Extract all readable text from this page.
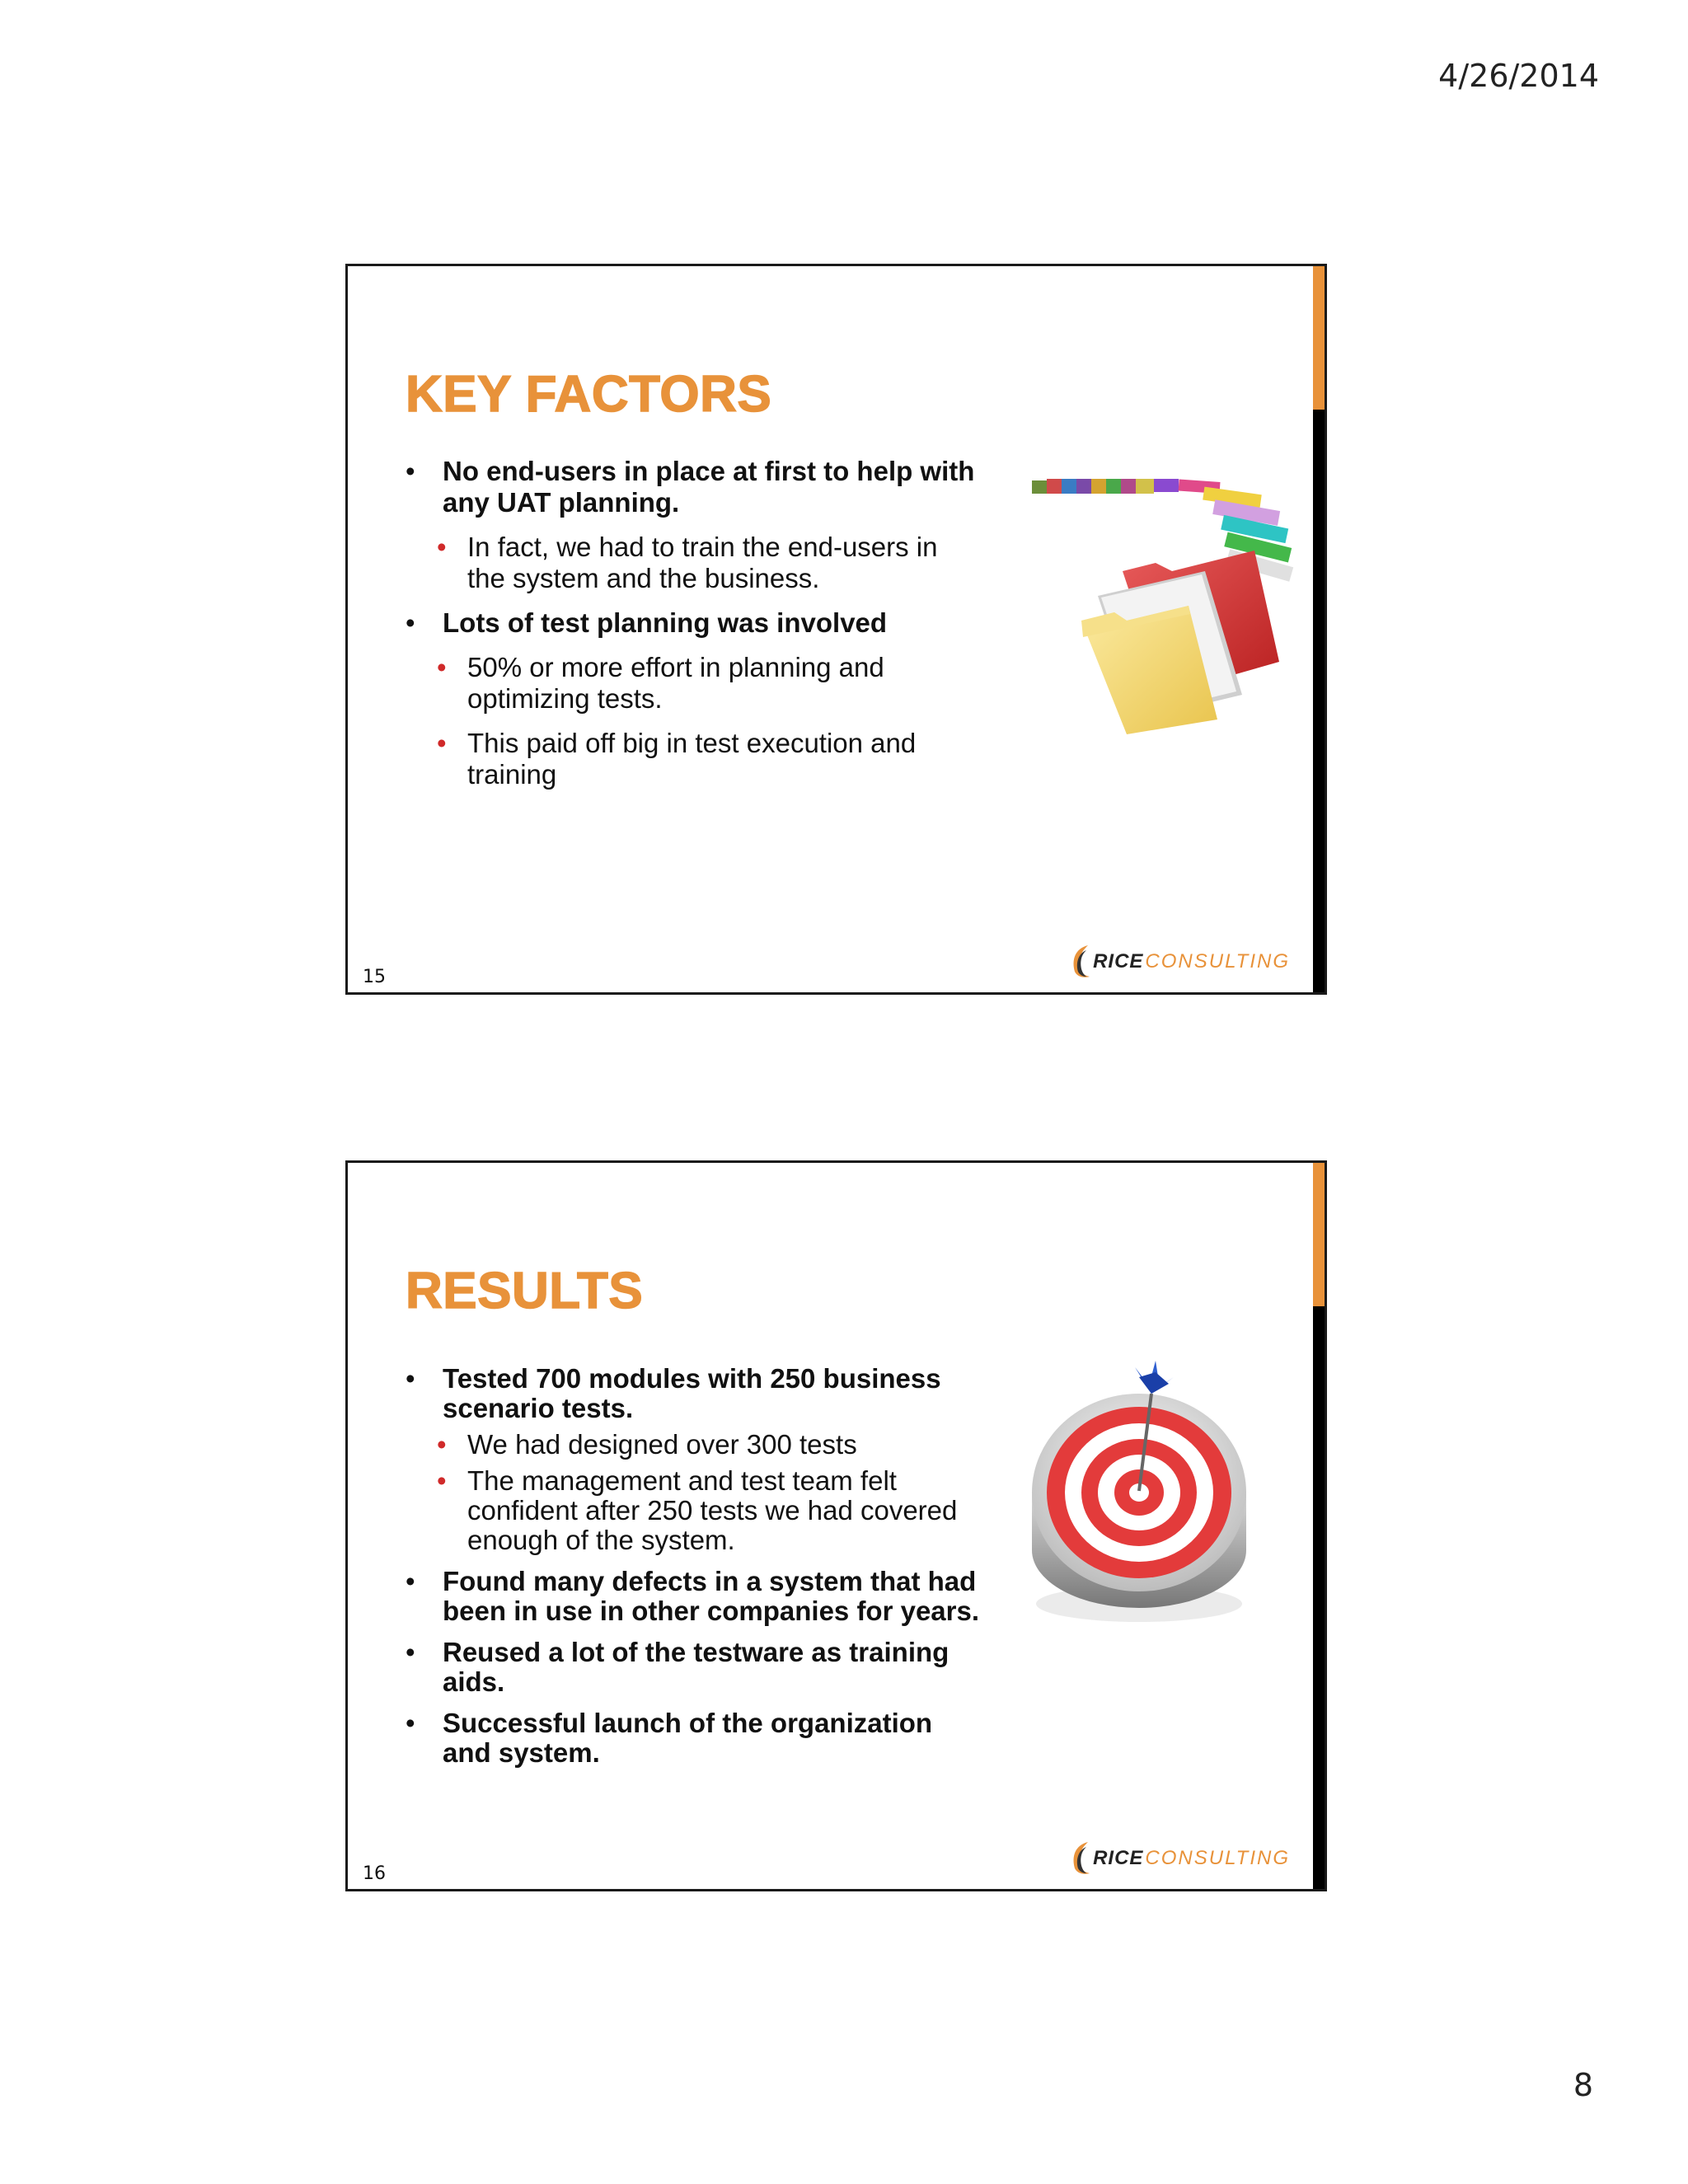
4/26/2014
KEY FACTORS
• No end-users in place at first to help with any UAT planning.
• In fact, we had to train the end-users in the system and the business.
• Lots of test planning was involved
• 50% or more effort in planning and optimizing tests.
• This paid off big in test execution and training
15
RICE CONSULTING
RESULTS
• Tested 700 modules with 250 business scenario tests.
• We had designed over 300 tests
• The management and test team felt confident after 250 tests we had covered enough of the system.
• Found many defects in a system that had been in use in other companies for years.
• Reused a lot of the testware as training aids.
• Successful launch of the organization and system.
16
RICE CONSULTING
8
